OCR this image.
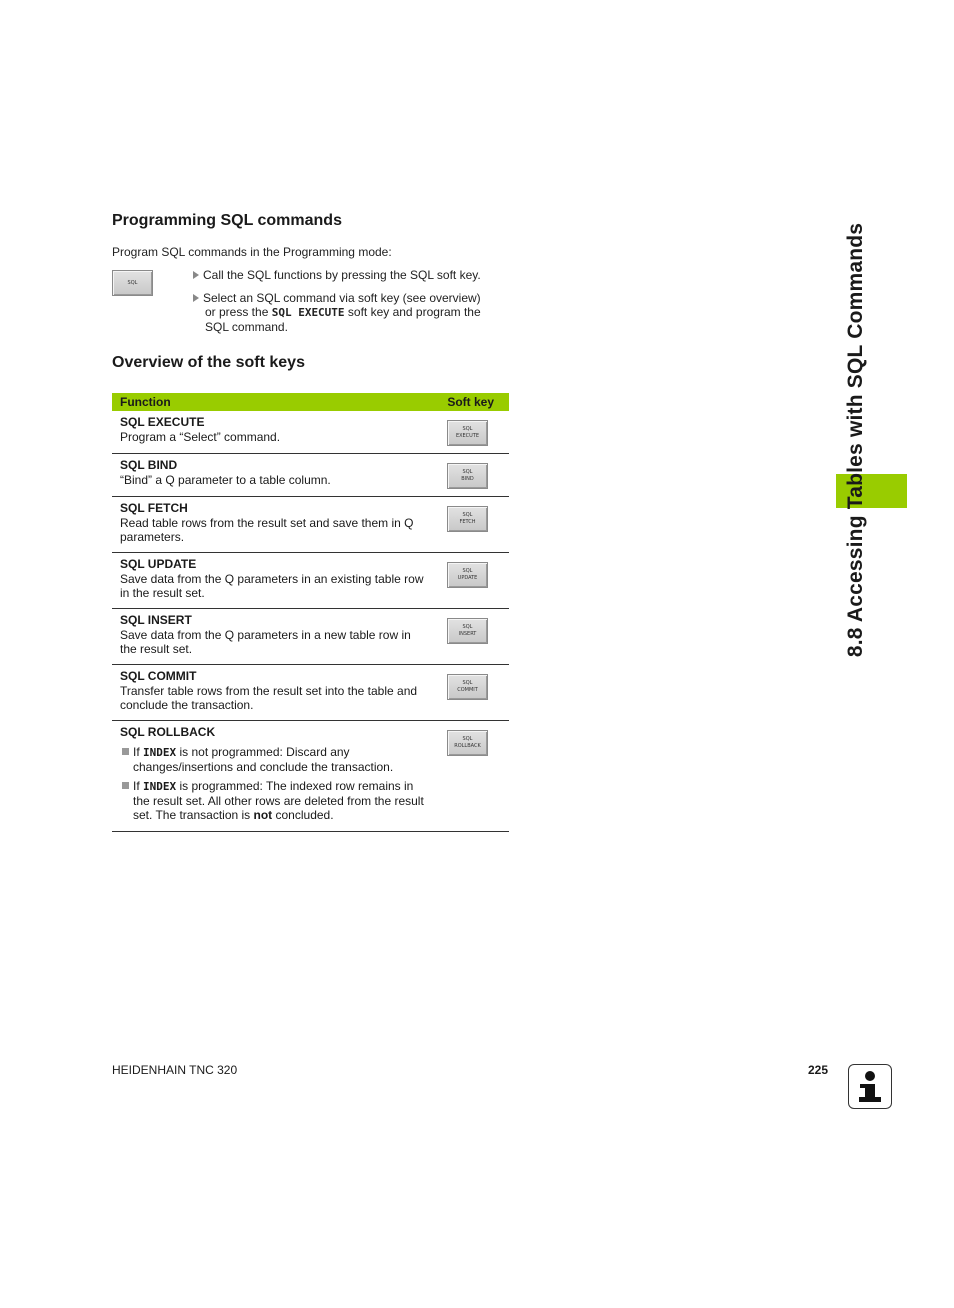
Programming SQL commands
Program SQL commands in the Programming mode:
SQL
Call the SQL functions by pressing the SQL soft key.
Select an SQL command via soft key (see overview)
or press the SQL EXECUTE soft key and program the
SQL command.
Overview of the soft keys
Function	Soft key
SQL EXECUTE
Program a “Select” command.
SQL
EXECUTE
SQL BIND
“Bind” a Q parameter to a table column.
SQL
BIND
SQL FETCH
Read table rows from the result set and save them in Q parameters.
SQL
FETCH
SQL UPDATE
Save data from the Q parameters in an existing table row in the result set.
SQL
UPDATE
SQL INSERT
Save data from the Q parameters in a new table row in the result set.
SQL
INSERT
SQL COMMIT
Transfer table rows from the result set into the table and conclude the transaction.
SQL
COMMIT
SQL ROLLBACK
If INDEX is not programmed: Discard any changes/insertions and conclude the transaction.
If INDEX is programmed: The indexed row remains in the result set. All other rows are deleted from the result set. The transaction is not concluded.
SQL
ROLLBACK
8.8 Accessing Tables with SQL Commands
HEIDENHAIN TNC 320	225
